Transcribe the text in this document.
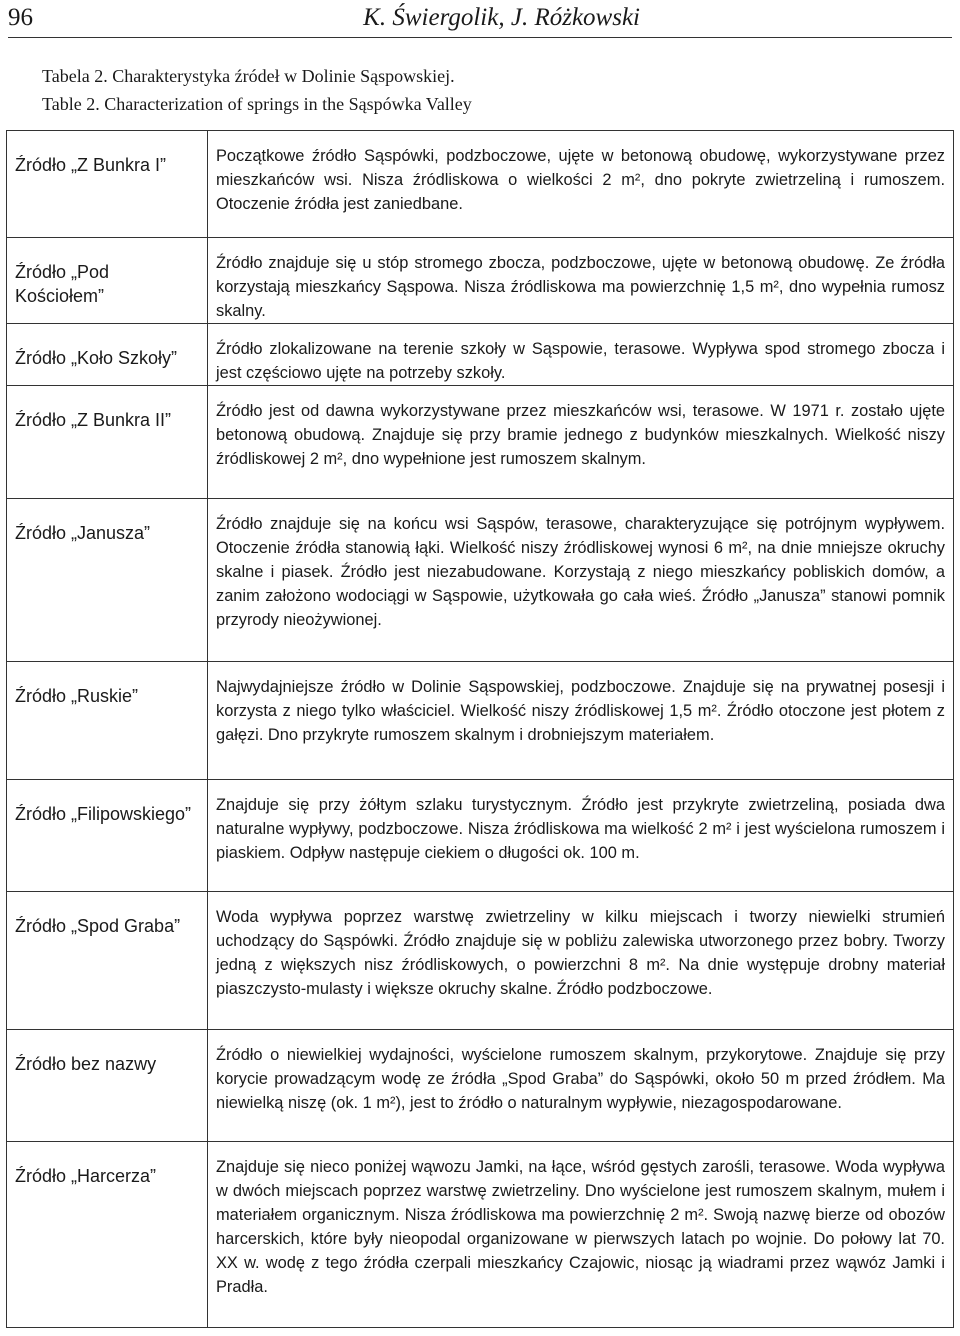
96	K. Świergolik, J. Różkowski
Tabela 2. Charakterystyka źródeł w Dolinie Sąspowskiej.
Table 2. Characterization of springs in the Sąspówka Valley
Źródło „Z Bunkra I”	Początkowe źródło Sąspówki, podzboczowe, ujęte w betonową obudowę, wykorzystywane przez mieszkańców wsi. Nisza źródliskowa o wielkości 2 m², dno pokryte zwietrzeliną i rumoszem. Otoczenie źródła jest zaniedbane.
Źródło „Pod Kościołem”	Źródło znajduje się u stóp stromego zbocza, podzboczowe, ujęte w betonową obudowę. Ze źródła korzystają mieszkańcy Sąspowa. Nisza źródliskowa ma powierzchnię 1,5 m², dno wypełnia rumosz skalny.
Źródło „Koło Szkoły”	Źródło zlokalizowane na terenie szkoły w Sąspowie, terasowe. Wypływa spod stromego zbocza i jest częściowo ujęte na potrzeby szkoły.
Źródło „Z Bunkra II”	Źródło jest od dawna wykorzystywane przez mieszkańców wsi, terasowe. W 1971 r. zostało ujęte betonową obudową. Znajduje się przy bramie jednego z budynków mieszkalnych. Wielkość niszy źródliskowej 2 m², dno wypełnione jest rumoszem skalnym.
Źródło „Janusza”	Źródło znajduje się na końcu wsi Sąspów, terasowe, charakteryzujące się potrójnym wypływem. Otoczenie źródła stanowią łąki. Wielkość niszy źródliskowej wynosi 6 m², na dnie mniejsze okruchy skalne i piasek. Źródło jest niezabudowane. Korzystają z niego mieszkańcy pobliskich domów, a zanim założono wodociągi w Sąspowie, użytkowała go cała wieś. Źródło „Janusza” stanowi pomnik przyrody nieożywionej.
Źródło „Ruskie”	Najwydajniejsze źródło w Dolinie Sąspowskiej, podzboczowe. Znajduje się na prywatnej posesji i korzysta z niego tylko właściciel. Wielkość niszy źródliskowej 1,5 m². Źródło otoczone jest płotem z gałęzi. Dno przykryte rumoszem skalnym i drobniejszym materiałem.
Źródło „Filipowskiego”	Znajduje się przy żółtym szlaku turystycznym. Źródło jest przykryte zwietrzeliną, posiada dwa naturalne wypływy, podzboczowe. Nisza źródliskowa ma wielkość 2 m² i jest wyścielona rumoszem i piaskiem. Odpływ następuje ciekiem o długości ok. 100 m.
Źródło „Spod Graba”	Woda wypływa poprzez warstwę zwietrzeliny w kilku miejscach i tworzy niewielki strumień uchodzący do Sąspówki. Źródło znajduje się w pobliżu zalewiska utworzonego przez bobry. Tworzy jedną z większych nisz źródliskowych, o powierzchni 8 m². Na dnie występuje drobny materiał piaszczysto-mulasty i większe okruchy skalne. Źródło podzboczowe.
Źródło bez nazwy	Źródło o niewielkiej wydajności, wyścielone rumoszem skalnym, przykorytowe. Znajduje się przy korycie prowadzącym wodę ze źródła „Spod Graba” do Sąspówki, około 50 m przed źródłem. Ma niewielką niszę (ok. 1 m²), jest to źródło o naturalnym wypływie, niezagospodarowane.
Źródło „Harcerza”	Znajduje się nieco poniżej wąwozu Jamki, na łące, wśród gęstych zarośli, terasowe. Woda wypływa w dwóch miejscach poprzez warstwę zwietrzeliny. Dno wyścielone jest rumoszem skalnym, mułem i materiałem organicznym. Nisza źródliskowa ma powierzchnię 2 m². Swoją nazwę bierze od obozów harcerskich, które były nieopodal organizowane w pierwszych latach po wojnie. Do połowy lat 70. XX w. wodę z tego źródła czerpali mieszkańcy Czajowic, niosąc ją wiadrami przez wąwóz Jamki i Pradła.
